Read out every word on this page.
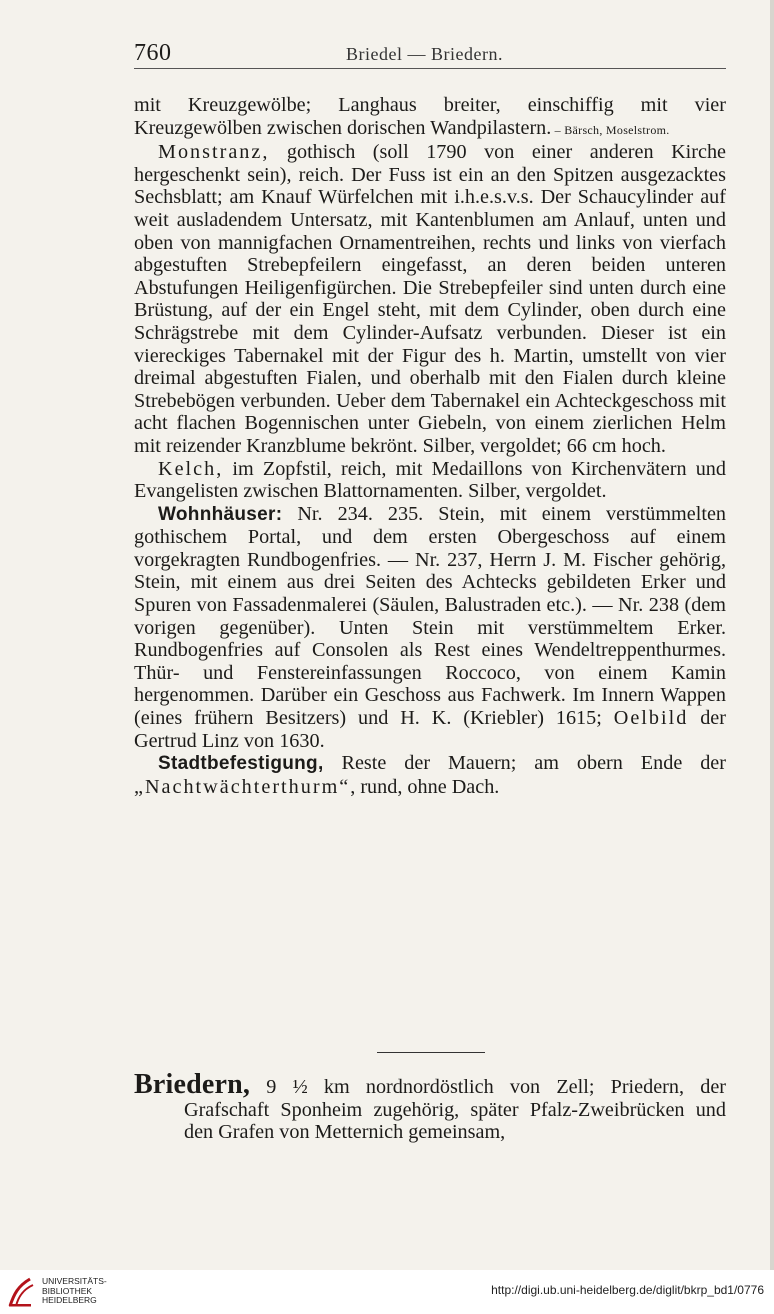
760	Briedel — Briedern.

mit Kreuzgewölbe; Langhaus breiter, einschiffig mit vier Kreuzgewölben zwischen dorischen Wandpilastern. – Bärsch, Moselstrom.

Monstranz, gothisch (soll 1790 von einer anderen Kirche hergeschenkt sein), reich. Der Fuss ist ein an den Spitzen ausgezacktes Sechsblatt; am Knauf Würfelchen mit i.h.e.s.v.s. Der Schaucylinder auf weit ausladendem Untersatz, mit Kantenblumen am Anlauf, unten und oben von mannigfachen Ornamentreihen, rechts und links von vierfach abgestuften Strebepfeilern eingefasst, an deren beiden unteren Abstufungen Heiligenfigürchen. Die Strebepfeiler sind unten durch eine Brüstung, auf der ein Engel steht, mit dem Cylinder, oben durch eine Schrägstrebe mit dem Cylinder-Aufsatz verbunden. Dieser ist ein viereckiges Tabernakel mit der Figur des h. Martin, umstellt von vier dreimal abgestuften Fialen, und oberhalb mit den Fialen durch kleine Strebebögen verbunden. Ueber dem Tabernakel ein Achteckgeschoss mit acht flachen Bogennischen unter Giebeln, von einem zierlichen Helm mit reizender Kranzblume bekrönt. Silber, vergoldet; 66 cm hoch.

Kelch, im Zopfstil, reich, mit Medaillons von Kirchenvätern und Evangelisten zwischen Blattornamenten. Silber, vergoldet.

Wohnhäuser: Nr. 234. 235. Stein, mit einem verstümmelten gothischem Portal, und dem ersten Obergeschoss auf einem vorgekragten Rundbogenfries. — Nr. 237, Herrn J. M. Fischer gehörig, Stein, mit einem aus drei Seiten des Achtecks gebildeten Erker und Spuren von Fassadenmalerei (Säulen, Balustraden etc.). — Nr. 238 (dem vorigen gegenüber). Unten Stein mit verstümmeltem Erker. Rundbogenfries auf Consolen als Rest eines Wendeltreppenthurmes. Thür- und Fenstereinfassungen Roccoco, von einem Kamin hergenommen. Darüber ein Geschoss aus Fachwerk. Im Innern Wappen (eines frühern Besitzers) und H. K. (Kriebler) 1615; Oelbild der Gertrud Linz von 1630.

Stadtbefestigung, Reste der Mauern; am obern Ende der „Nachtwächterthurm“, rund, ohne Dach.

Briedern, 9 ½ km nordnordöstlich von Zell; Priedern, der Grafschaft Sponheim zugehörig, später Pfalz-Zweibrücken und den Grafen von Metternich gemeinsam,

UNIVERSITÄTS-
BIBLIOTHEK
HEIDELBERG
http://digi.ub.uni-heidelberg.de/diglit/bkrp_bd1/0776
